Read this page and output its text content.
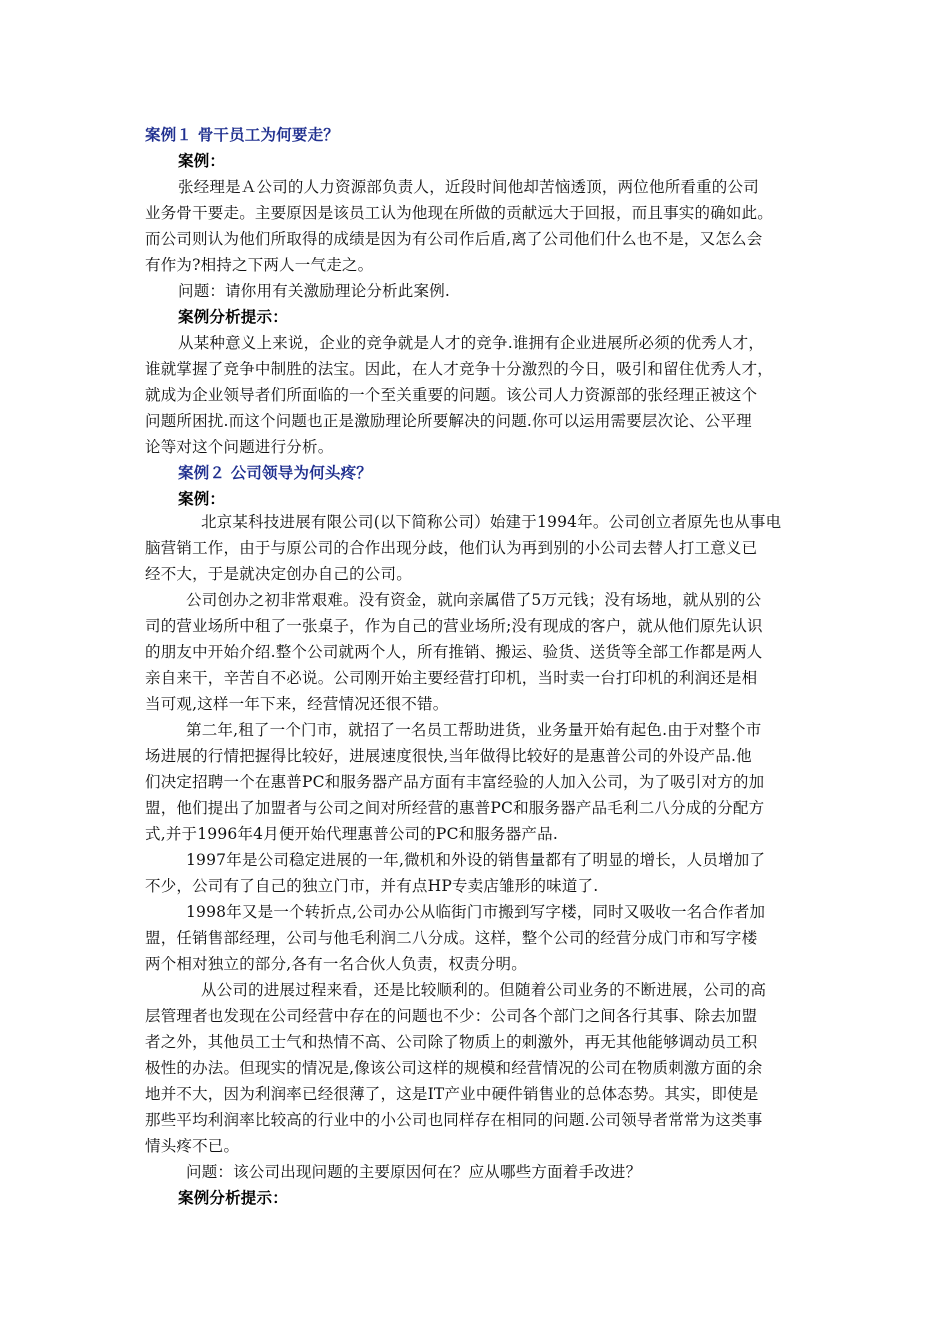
案例１ 骨干员工为何要走？
案例：
张经理是Ａ公司的人力资源部负责人，近段时间他却苦恼透顶，两位他所看重的公司
业务骨干要走。主要原因是该员工认为他现在所做的贡献远大于回报，而且事实的确如此。
而公司则认为他们所取得的成绩是因为有公司作后盾,离了公司他们什么也不是，又怎么会
有作为?相持之下两人一气走之。
问题：请你用有关激励理论分析此案例.
案例分析提示：
从某种意义上来说，企业的竞争就是人才的竞争.谁拥有企业进展所必须的优秀人才，
谁就掌握了竞争中制胜的法宝。因此，在人才竞争十分激烈的今日，吸引和留住优秀人才，
就成为企业领导者们所面临的一个至关重要的问题。该公司人力资源部的张经理正被这个
问题所困扰.而这个问题也正是激励理论所要解决的问题.你可以运用需要层次论、公平理
论等对这个问题进行分析。
案例２ 公司领导为何头疼？
案例：
北京某科技进展有限公司(以下简称公司）始建于1994年。公司创立者原先也从事电
脑营销工作，由于与原公司的合作出现分歧，他们认为再到别的小公司去替人打工意义已
经不大，于是就决定创办自己的公司。
公司创办之初非常艰难。没有资金，就向亲属借了5万元钱；没有场地，就从别的公
司的营业场所中租了一张桌子，作为自己的营业场所;没有现成的客户，就从他们原先认识
的朋友中开始介绍.整个公司就两个人，所有推销、搬运、验货、送货等全部工作都是两人
亲自来干，辛苦自不必说。公司刚开始主要经营打印机，当时卖一台打印机的利润还是相
当可观,这样一年下来，经营情况还很不错。
第二年,租了一个门市，就招了一名员工帮助进货，业务量开始有起色.由于对整个市
场进展的行情把握得比较好，进展速度很快,当年做得比较好的是惠普公司的外设产品.他
们决定招聘一个在惠普PC和服务器产品方面有丰富经验的人加入公司，为了吸引对方的加
盟，他们提出了加盟者与公司之间对所经营的惠普PC和服务器产品毛利二八分成的分配方
式,并于1996年4月便开始代理惠普公司的PC和服务器产品.
1997年是公司稳定进展的一年,微机和外设的销售量都有了明显的增长，人员增加了
不少，公司有了自己的独立门市，并有点HP专卖店雏形的味道了.
1998年又是一个转折点,公司办公从临街门市搬到写字楼，同时又吸收一名合作者加
盟，任销售部经理，公司与他毛利润二八分成。这样，整个公司的经营分成门市和写字楼
两个相对独立的部分,各有一名合伙人负责，权责分明。
从公司的进展过程来看，还是比较顺利的。但随着公司业务的不断进展，公司的高
层管理者也发现在公司经营中存在的问题也不少：公司各个部门之间各行其事、除去加盟
者之外，其他员工士气和热情不高、公司除了物质上的刺激外，再无其他能够调动员工积
极性的办法。但现实的情况是,像该公司这样的规模和经营情况的公司在物质刺激方面的余
地并不大，因为利润率已经很薄了，这是IT产业中硬件销售业的总体态势。其实，即使是
那些平均利润率比较高的行业中的小公司也同样存在相同的问题.公司领导者常常为这类事
情头疼不已。
问题：该公司出现问题的主要原因何在？应从哪些方面着手改进？
案例分析提示：
